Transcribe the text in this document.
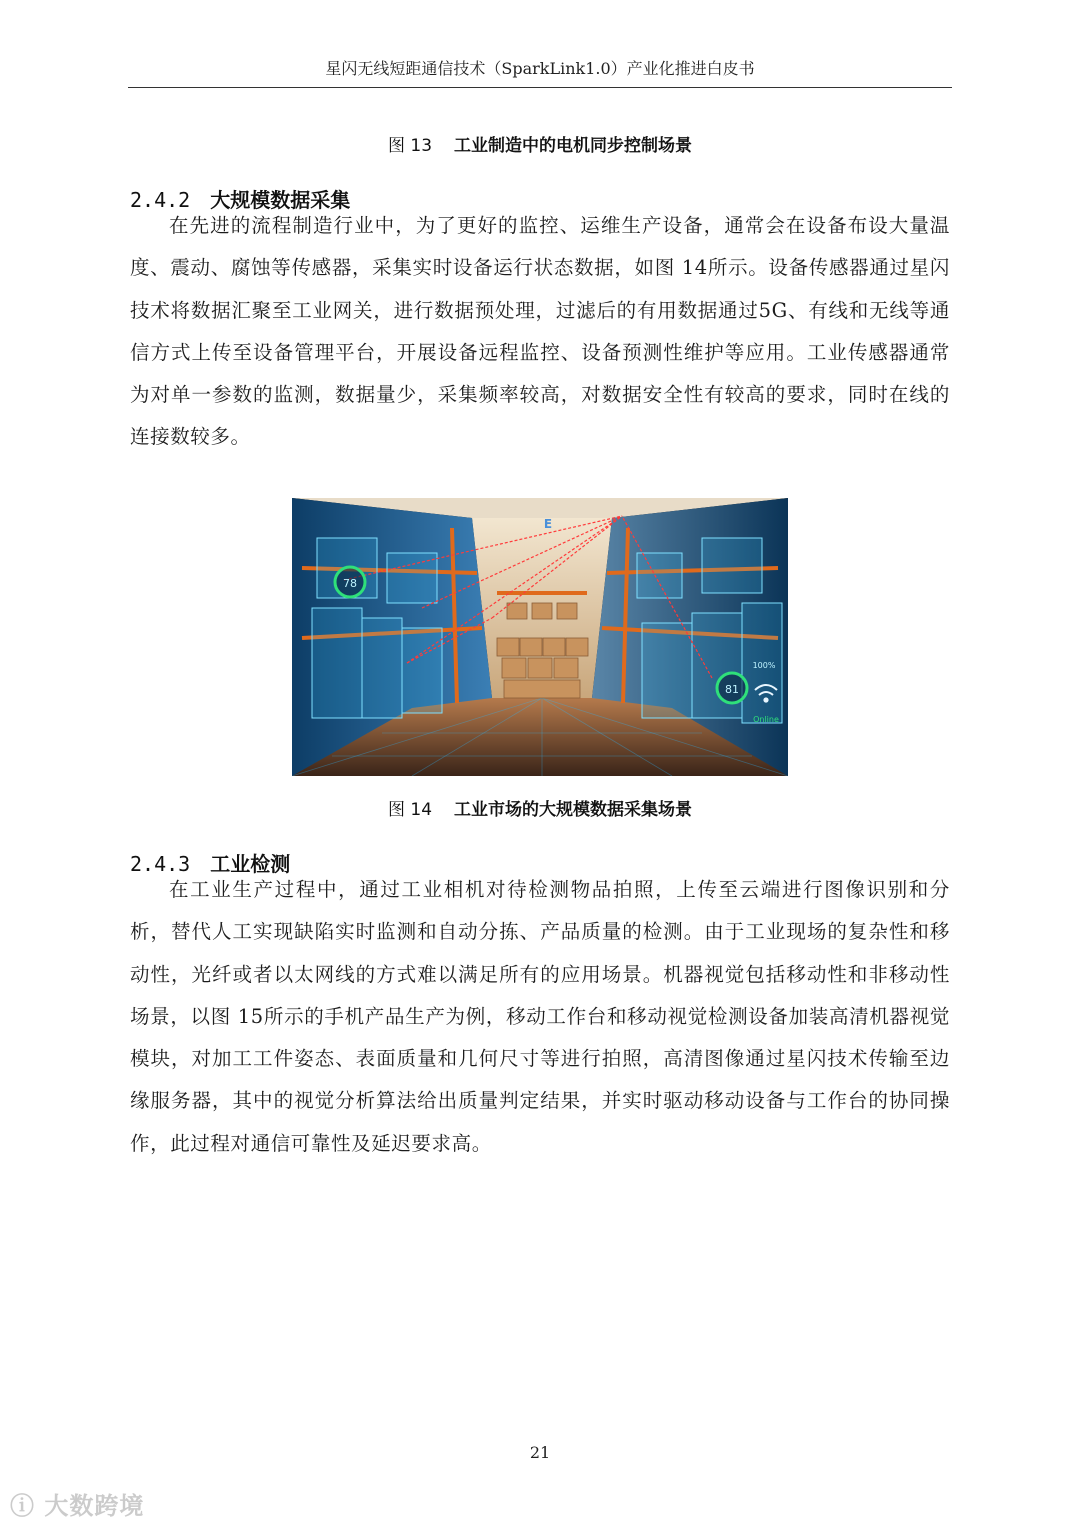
星闪无线短距通信技术（SparkLink1.0）产业化推进白皮书
图 13 工业制造中的电机同步控制场景
2.4.2 大规模数据采集

在先进的流程制造行业中，为了更好的监控、运维生产设备，通常会在设备布设大量温度、震动、腐蚀等传感器，采集实时设备运行状态数据，如图 14所示。设备传感器通过星闪技术将数据汇聚至工业网关，进行数据预处理，过滤后的有用数据通过5G、有线和无线等通信方式上传至设备管理平台，开展设备远程监控、设备预测性维护等应用。工业传感器通常为对单一参数的监测，数据量少，采集频率较高，对数据安全性有较高的要求，同时在线的连接数较多。

78
81
100%
Online
E
图 14 工业市场的大规模数据采集场景
2.4.3 工业检测

在工业生产过程中，通过工业相机对待检测物品拍照，上传至云端进行图像识别和分析，替代人工实现缺陷实时监测和自动分拣、产品质量的检测。由于工业现场的复杂性和移动性，光纤或者以太网线的方式难以满足所有的应用场景。机器视觉包括移动性和非移动性场景，以图 15所示的手机产品生产为例，移动工作台和移动视觉检测设备加装高清机器视觉模块，对加工工件姿态、表面质量和几何尺寸等进行拍照，高清图像通过星闪技术传输至边缘服务器，其中的视觉分析算法给出质量判定结果，并实时驱动移动设备与工作台的协同操作，此过程对通信可靠性及延迟要求高。

21
ⓘ 大数跨境
